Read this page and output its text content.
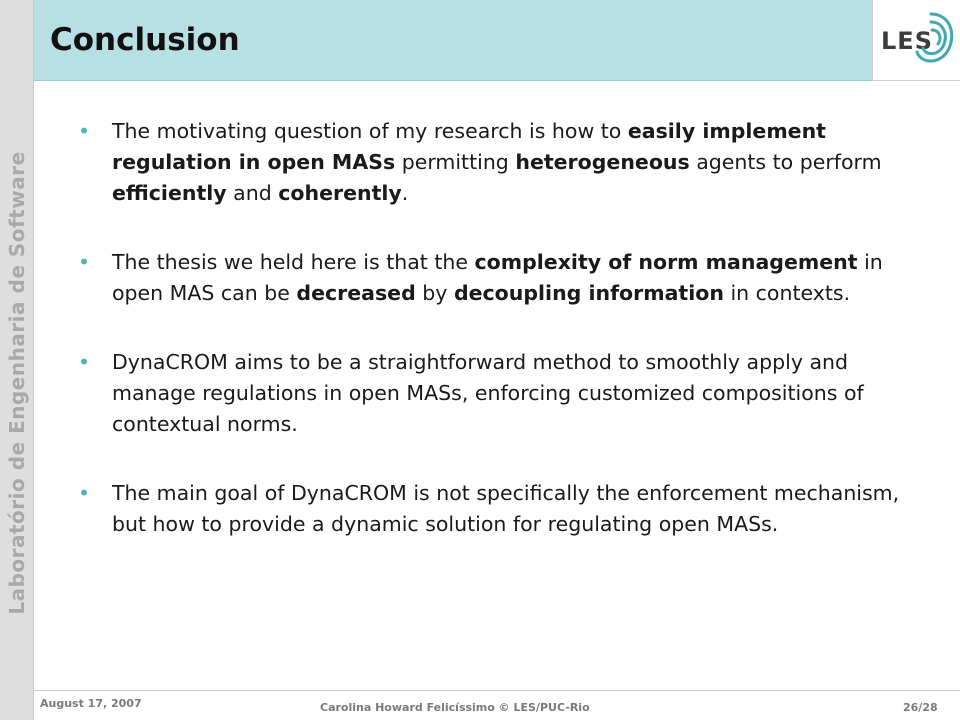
Laboratório de Engenharia de Software
Conclusion	LES
• The motivating question of my research is how to easily implement regulation in open MASs permitting heterogeneous agents to perform efficiently and coherently.
• The thesis we held here is that the complexity of norm management in open MAS can be decreased by decoupling information in contexts.
• DynaCROM aims to be a straightforward method to smoothly apply and manage regulations in open MASs, enforcing customized compositions of contextual norms.
• The main goal of DynaCROM is not specifically the enforcement mechanism, but how to provide a dynamic solution for regulating open MASs.
August 17, 2007	Carolina Howard Felicíssimo © LES/PUC-Rio	26/28
